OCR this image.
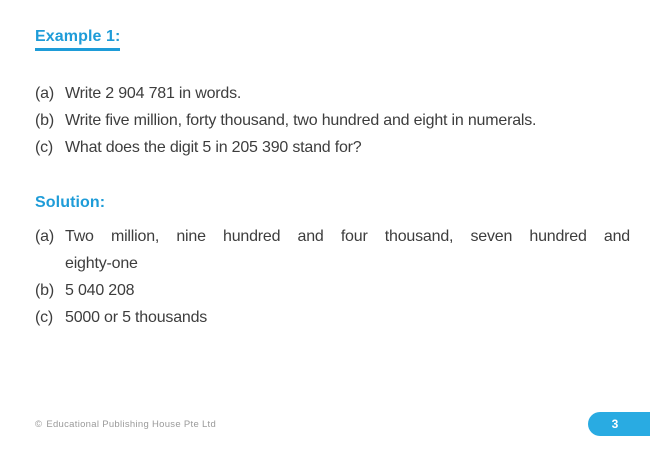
Example 1:
(a) Write 2 904 781 in words.
(b) Write five million, forty thousand, two hundred and eight in numerals.
(c) What does the digit 5 in 205 390 stand for?
Solution:
(a) Two million, nine hundred and four thousand, seven hundred and
eighty-one
(b) 5 040 208
(c) 5000 or 5 thousands
© Educational Publishing House Pte Ltd	3
